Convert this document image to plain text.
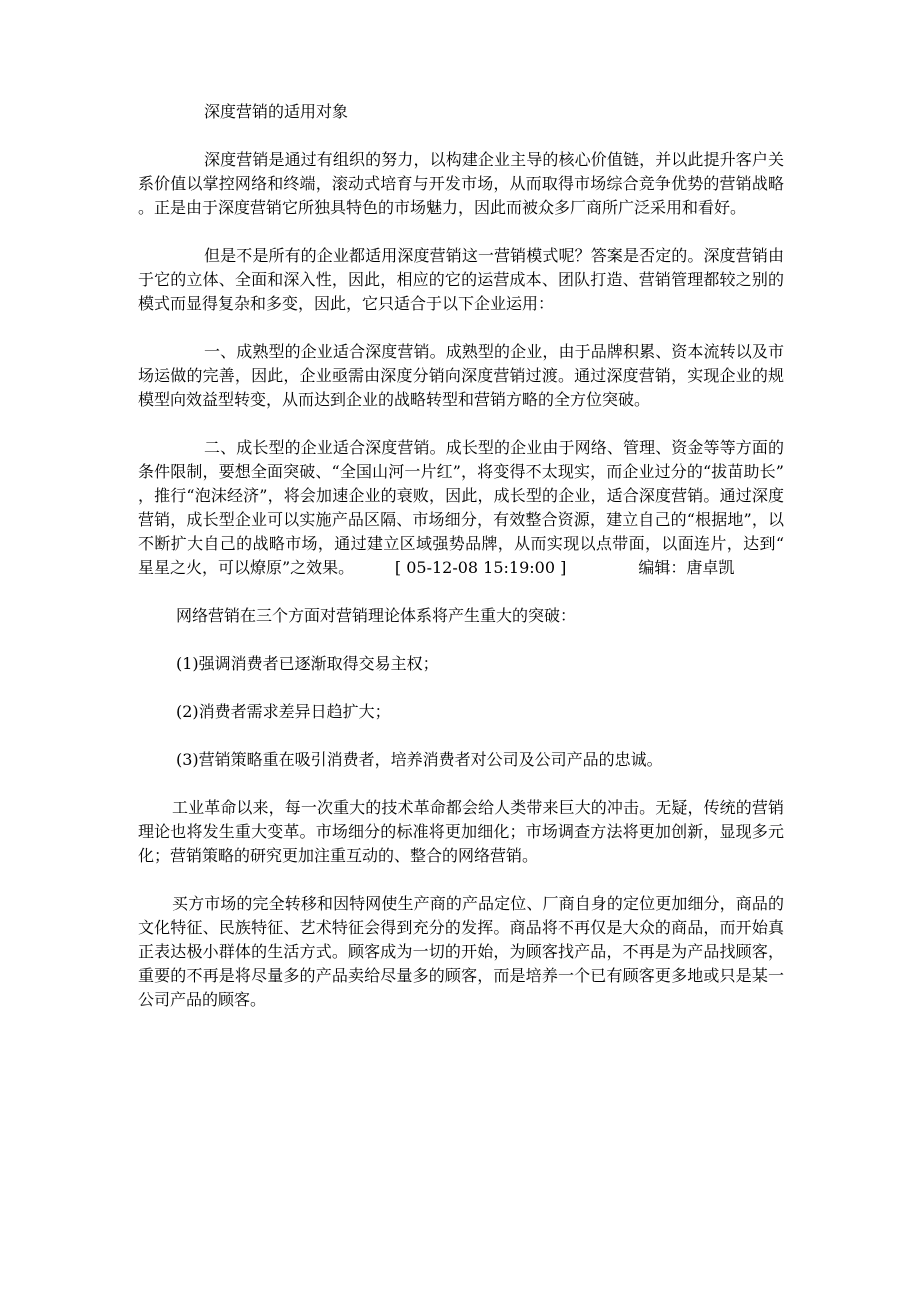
深度营销的适用对象

深度营销是通过有组织的努力，以构建企业主导的核心价值链，并以此提升客户关系价值以掌控网络和终端，滚动式培育与开发市场，从而取得市场综合竞争优势的营销战略。正是由于深度营销它所独具特色的市场魅力，因此而被众多厂商所广泛采用和看好。

但是不是所有的企业都适用深度营销这一营销模式呢？答案是否定的。深度营销由于它的立体、全面和深入性，因此，相应的它的运营成本、团队打造、营销管理都较之别的模式而显得复杂和多变，因此，它只适合于以下企业运用：

一、成熟型的企业适合深度营销。成熟型的企业，由于品牌积累、资本流转以及市场运做的完善，因此，企业亟需由深度分销向深度营销过渡。通过深度营销，实现企业的规模型向效益型转变，从而达到企业的战略转型和营销方略的全方位突破。

二、成长型的企业适合深度营销。成长型的企业由于网络、管理、资金等等方面的条件限制，要想全面突破、“全国山河一片红”，将变得不太现实，而企业过分的“拔苗助长”，推行“泡沫经济”，将会加速企业的衰败，因此，成长型的企业，适合深度营销。通过深度营销，成长型企业可以实施产品区隔、市场细分，有效整合资源，建立自己的“根据地”，以不断扩大自己的战略市场，通过建立区域强势品牌，从而实现以点带面，以面连片，达到“星星之火，可以燎原”之效果。	[ 05-12-08 15:19:00 ]	编辑：唐卓凯

网络营销在三个方面对营销理论体系将产生重大的突破：

(1)强调消费者已逐渐取得交易主权；

(2)消费者需求差异日趋扩大；

(3)营销策略重在吸引消费者，培养消费者对公司及公司产品的忠诚。

工业革命以来，每一次重大的技术革命都会给人类带来巨大的冲击。无疑，传统的营销理论也将发生重大变革。市场细分的标准将更加细化；市场调查方法将更加创新，显现多元化；营销策略的研究更加注重互动的、整合的网络营销。

买方市场的完全转移和因特网使生产商的产品定位、厂商自身的定位更加细分，商品的文化特征、民族特征、艺术特征会得到充分的发挥。商品将不再仅是大众的商品，而开始真正表达极小群体的生活方式。顾客成为一切的开始，为顾客找产品，不再是为产品找顾客，重要的不再是将尽量多的产品卖给尽量多的顾客，而是培养一个已有顾客更多地或只是某一公司产品的顾客。
